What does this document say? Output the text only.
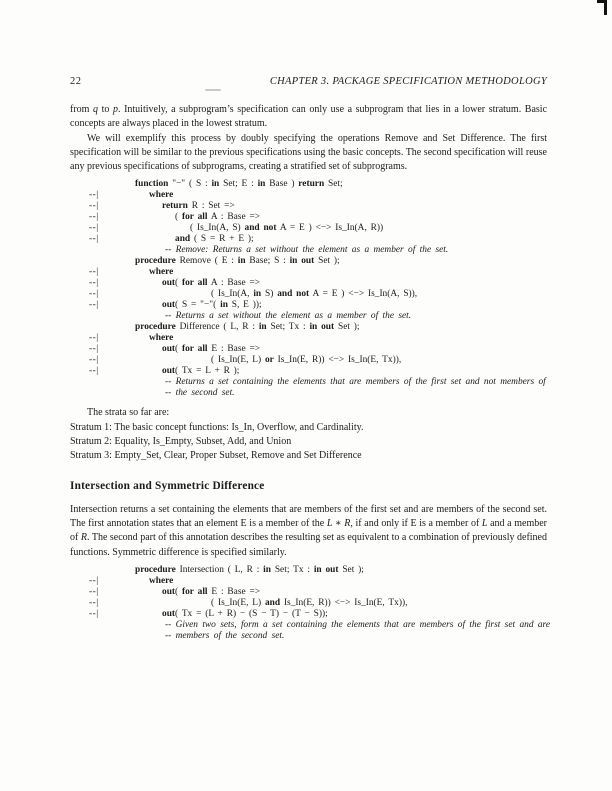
22	CHAPTER 3. PACKAGE SPECIFICATION METHODOLOGY

from q to p. Intuitively, a subprogram’s specification can only use a subprogram that lies in a lower stratum. Basic concepts are always placed in the lowest stratum.

We will exemplify this process by doubly specifying the operations Remove and Set Difference. The first specification will be similar to the previous specifications using the basic concepts. The second specification will reuse any previous specifications of subprograms, creating a stratified set of subprograms.

function "−" ( S : in Set; E : in Base ) return Set;
--|	where
--|	return R : Set =>
--|	( for all A : Base =>
--|	( Is_In(A, S) and not A = E ) <−> Is_In(A, R))
--|	and ( S = R + E );
-- Remove: Returns a set without the element as a member of the set.
procedure Remove ( E : in Base; S : in out Set );
--|	where
--|	out( for all A : Base =>
--|	( Is_In(A, in S) and not A = E ) <−> Is_In(A, S)),
--|	out( S = "−"( in S, E ));
-- Returns a set without the element as a member of the set.
procedure Difference ( L, R : in Set; Tx : in out Set );
--|	where
--|	out( for all E : Base =>
--|	( Is_In(E, L) or Is_In(E, R)) <−> Is_In(E, Tx)),
--|	out( Tx = L + R );
-- Returns a set containing the elements that are members of the first set and not members of
-- the second set.
The strata so far are:
Stratum 1: The basic concept functions: Is_In, Overflow, and Cardinality.
Stratum 2: Equality, Is_Empty, Subset, Add, and Union
Stratum 3: Empty_Set, Clear, Proper Subset, Remove and Set Difference
Intersection and Symmetric Difference

Intersection returns a set containing the elements that are members of the first set and are members of the second set. The first annotation states that an element E is a member of the L ∗ R, if and only if E is a member of L and a member of R. The second part of this annotation describes the resulting set as equivalent to a combination of previously defined functions. Symmetric difference is specified similarly.

procedure Intersection ( L, R : in Set; Tx : in out Set );
--|	where
--|	out( for all E : Base =>
--|	( Is_In(E, L) and Is_In(E, R)) <−> Is_In(E, Tx)),
--|	out( Tx = (L + R) − (S − T) − (T − S));
-- Given two sets, form a set containing the elements that are members of the first set and are
-- members of the second set.
